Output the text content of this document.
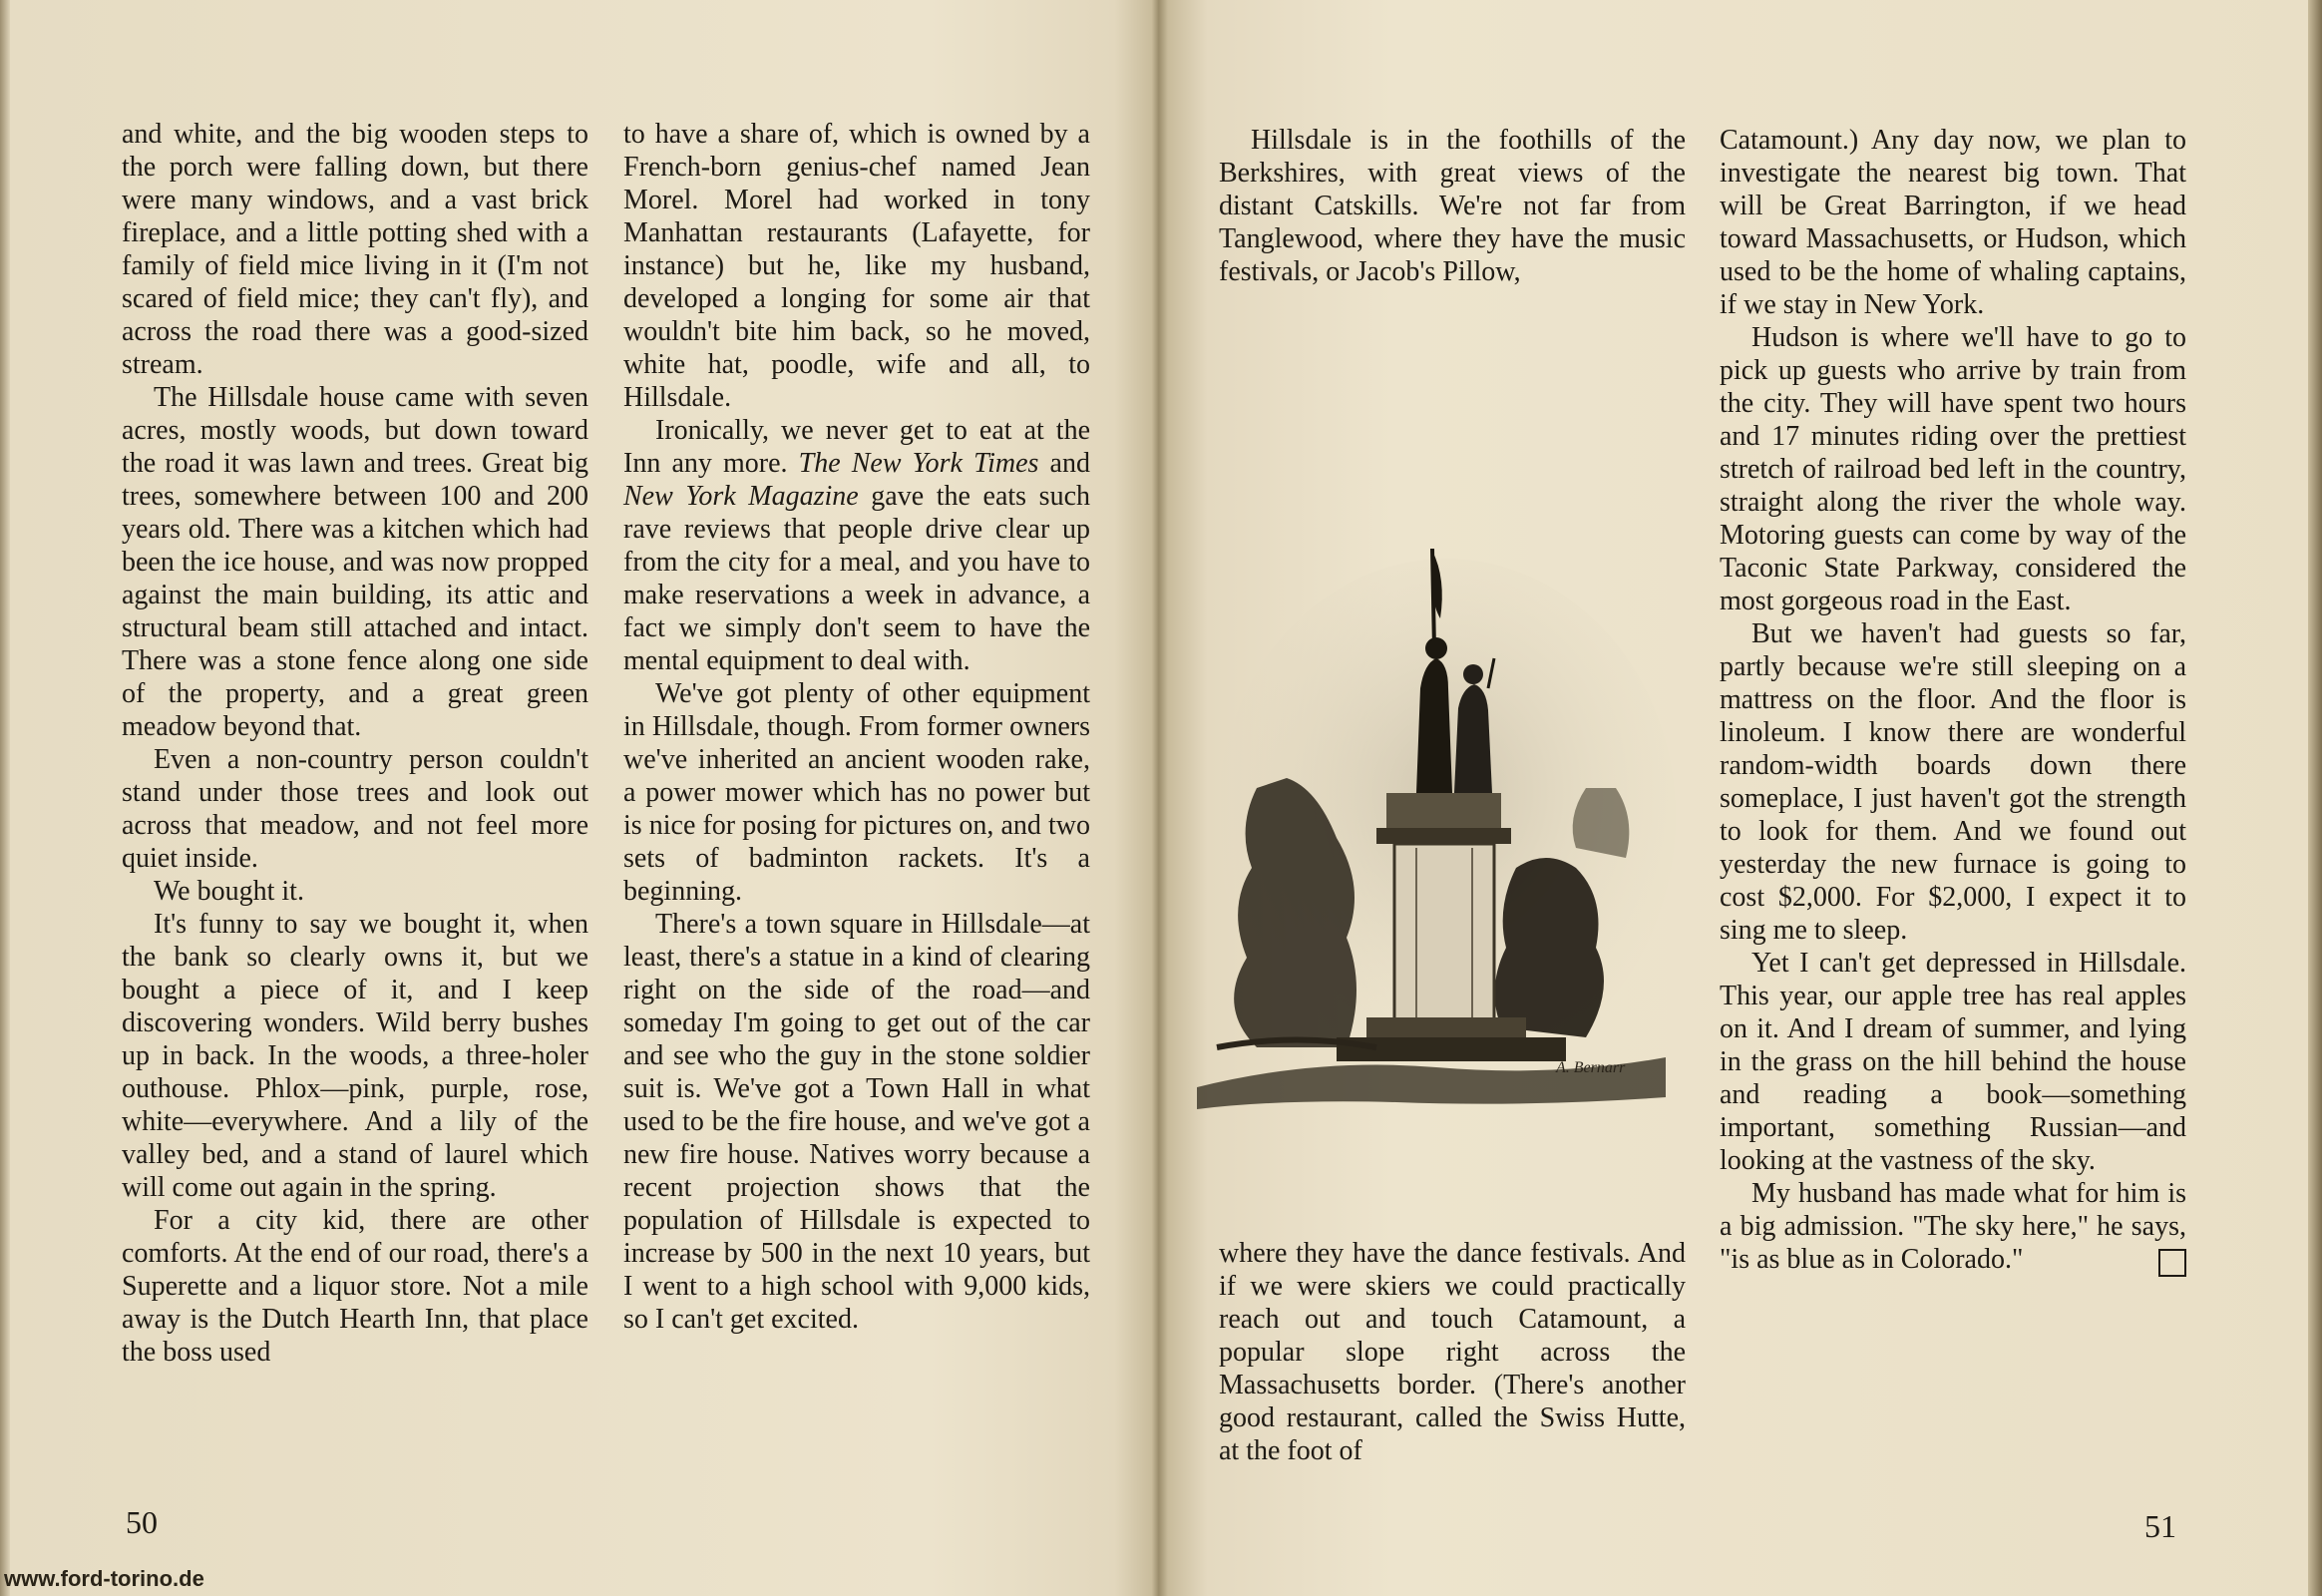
and white, and the big wooden steps to the porch were falling down, but there were many windows, and a vast brick fireplace, and a little potting shed with a family of field mice living in it (I'm not scared of field mice; they can't fly), and across the road there was a good-sized stream.

The Hillsdale house came with seven acres, mostly woods, but down toward the road it was lawn and trees. Great big trees, somewhere between 100 and 200 years old. There was a kitchen which had been the ice house, and was now propped against the main building, its attic and structural beam still attached and intact. There was a stone fence along one side of the property, and a great green meadow beyond that.

Even a non-country person couldn't stand under those trees and look out across that meadow, and not feel more quiet inside.

We bought it.

It's funny to say we bought it, when the bank so clearly owns it, but we bought a piece of it, and I keep discovering wonders. Wild berry bushes up in back. In the woods, a three-holer outhouse. Phlox—pink, purple, rose, white—everywhere. And a lily of the valley bed, and a stand of laurel which will come out again in the spring.

For a city kid, there are other comforts. At the end of our road, there's a Superette and a liquor store. Not a mile away is the Dutch Hearth Inn, that place the boss used

to have a share of, which is owned by a French-born genius-chef named Jean Morel. Morel had worked in tony Manhattan restaurants (Lafayette, for instance) but he, like my husband, developed a longing for some air that wouldn't bite him back, so he moved, white hat, poodle, wife and all, to Hillsdale.

Ironically, we never get to eat at the Inn any more. The New York Times and New York Magazine gave the eats such rave reviews that people drive clear up from the city for a meal, and you have to make reservations a week in advance, a fact we simply don't seem to have the mental equipment to deal with.

We've got plenty of other equipment in Hillsdale, though. From former owners we've inherited an ancient wooden rake, a power mower which has no power but is nice for posing for pictures on, and two sets of badminton rackets. It's a beginning.

There's a town square in Hillsdale—at least, there's a statue in a kind of clearing right on the side of the road—and someday I'm going to get out of the car and see who the guy in the stone soldier suit is. We've got a Town Hall in what used to be the fire house, and we've got a new fire house. Natives worry because a recent projection shows that the population of Hillsdale is expected to increase by 500 in the next 10 years, but I went to a high school with 9,000 kids, so I can't get excited.

50

Hillsdale is in the foothills of the Berkshires, with great views of the distant Catskills. We're not far from Tanglewood, where they have the music festivals, or Jacob's Pillow,

A. Bernarr

where they have the dance festivals. And if we were skiers we could practically reach out and touch Catamount, a popular slope right across the Massachusetts border. (There's another good restaurant, called the Swiss Hutte, at the foot of

Catamount.) Any day now, we plan to investigate the nearest big town. That will be Great Barrington, if we head toward Massachusetts, or Hudson, which used to be the home of whaling captains, if we stay in New York.

Hudson is where we'll have to go to pick up guests who arrive by train from the city. They will have spent two hours and 17 minutes riding over the prettiest stretch of railroad bed left in the country, straight along the river the whole way. Motoring guests can come by way of the Taconic State Parkway, considered the most gorgeous road in the East.

But we haven't had guests so far, partly because we're still sleeping on a mattress on the floor. And the floor is linoleum. I know there are wonderful random-width boards down there someplace, I just haven't got the strength to look for them. And we found out yesterday the new furnace is going to cost $2,000. For $2,000, I expect it to sing me to sleep.

Yet I can't get depressed in Hillsdale. This year, our apple tree has real apples on it. And I dream of summer, and lying in the grass on the hill behind the house and reading a book—something important, something Russian—and looking at the vastness of the sky.

My husband has made what for him is a big admission. "The sky here," he says, "is as blue as in Colorado."

51
www.ford-torino.de
